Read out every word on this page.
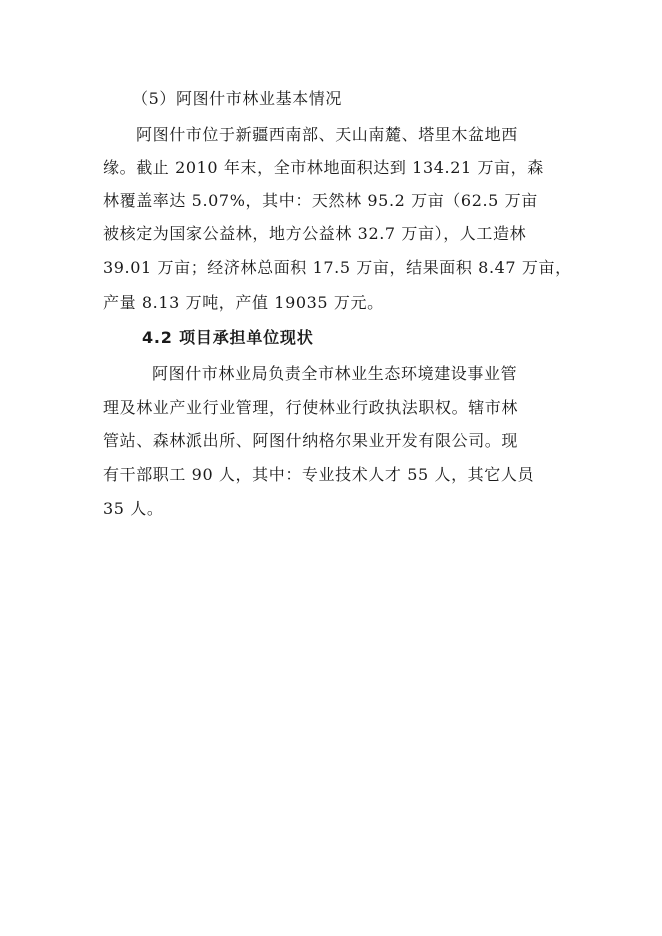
（5）阿图什市林业基本情况
阿图什市位于新疆西南部、天山南麓、塔里木盆地西
缘。截止 2010 年末，全市林地面积达到 134.21 万亩，森
林覆盖率达 5.07%，其中：天然林 95.2 万亩（62.5 万亩
被核定为国家公益林，地方公益林 32.7 万亩），人工造林
39.01 万亩；经济林总面积 17.5 万亩，结果面积 8.47 万亩，
产量 8.13 万吨，产值 19035 万元。
4.2 项目承担单位现状
阿图什市林业局负责全市林业生态环境建设事业管
理及林业产业行业管理，行使林业行政执法职权。辖市林
管站、森林派出所、阿图什纳格尔果业开发有限公司。现
有干部职工 90 人，其中：专业技术人才 55 人，其它人员
35 人。
